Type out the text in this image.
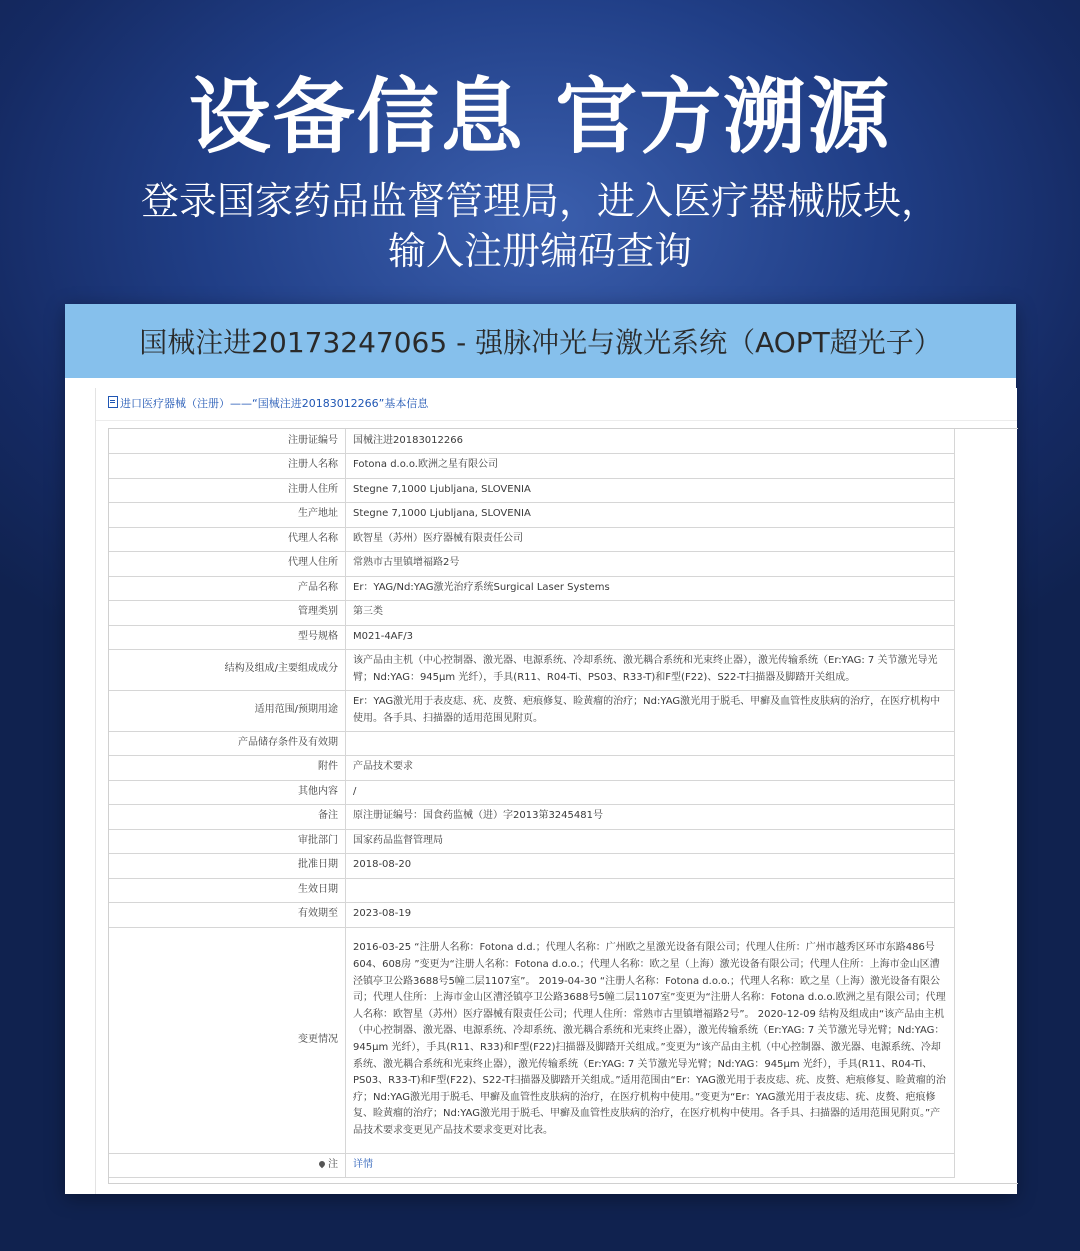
设备信息 官方溯源
登录国家药品监督管理局，进入医疗器械版块，
输入注册编码查询
国械注进20173247065 - 强脉冲光与激光系统（AOPT超光子）
进口医疗器械（注册）——“国械注进20183012266”基本信息
注册证编号	国械注进20183012266
注册人名称	Fotona d.o.o.欧洲之星有限公司
注册人住所	Stegne 7,1000 Ljubljana, SLOVENIA
生产地址	Stegne 7,1000 Ljubljana, SLOVENIA
代理人名称	欧智星（苏州）医疗器械有限责任公司
代理人住所	常熟市古里镇增福路2号
产品名称	Er：YAG/Nd:YAG激光治疗系统Surgical Laser Systems
管理类别	第三类
型号规格	M021-4AF/3
结构及组成/主要组成成分	该产品由主机（中心控制器、激光器、电源系统、冷却系统、激光耦合系统和光束终止器），激光传输系统（Er:YAG: 7 关节激光导光臂；Nd:YAG：945μm 光纤），手具(R11、R04-Ti、PS03、R33-T)和F型(F22)、S22-T扫描器及脚踏开关组成。
适用范围/预期用途	Er：YAG激光用于表皮痣、疣、皮赘、疤痕修复、睑黄瘤的治疗；Nd:YAG激光用于脱毛、甲癣及血管性皮肤病的治疗，在医疗机构中使用。各手具、扫描器的适用范围见附页。
产品储存条件及有效期	
附件	产品技术要求
其他内容	/
备注	原注册证编号：国食药监械（进）字2013第3245481号
审批部门	国家药品监督管理局
批准日期	2018-08-20
生效日期	
有效期至	2023-08-19
变更情况	2016-03-25 “注册人名称：Fotona d.d.；代理人名称：广州欧之星激光设备有限公司；代理人住所：广州市越秀区环市东路486号604、608房 ”变更为“注册人名称：Fotona d.o.o.；代理人名称：欧之星（上海）激光设备有限公司；代理人住所：上海市金山区漕泾镇亭卫公路3688号5幢二层1107室”。 2019-04-30 “注册人名称：Fotona d.o.o.；代理人名称：欧之星（上海）激光设备有限公司；代理人住所：上海市金山区漕泾镇亭卫公路3688号5幢二层1107室”变更为“注册人名称：Fotona d.o.o.欧洲之星有限公司；代理人名称：欧智星（苏州）医疗器械有限责任公司；代理人住所：常熟市古里镇增福路2号”。 2020-12-09 结构及组成由“该产品由主机（中心控制器、激光器、电源系统、冷却系统、激光耦合系统和光束终止器），激光传输系统（Er:YAG: 7 关节激光导光臂；Nd:YAG：945μm 光纤），手具(R11、R33)和F型(F22)扫描器及脚踏开关组成。”变更为“该产品由主机（中心控制器、激光器、电源系统、冷却系统、激光耦合系统和光束终止器），激光传输系统（Er:YAG: 7 关节激光导光臂；Nd:YAG：945μm 光纤），手具(R11、R04-Ti、PS03、R33-T)和F型(F22)、S22-T扫描器及脚踏开关组成。”适用范围由“Er：YAG激光用于表皮痣、疣、皮赘、疤痕修复、睑黄瘤的治疗；Nd:YAG激光用于脱毛、甲癣及血管性皮肤病的治疗，在医疗机构中使用。”变更为“Er：YAG激光用于表皮痣、疣、皮赘、疤痕修复、睑黄瘤的治疗；Nd:YAG激光用于脱毛、甲癣及血管性皮肤病的治疗，在医疗机构中使用。各手具、扫描器的适用范围见附页。”产品技术要求变更见产品技术要求变更对比表。
注	详情
